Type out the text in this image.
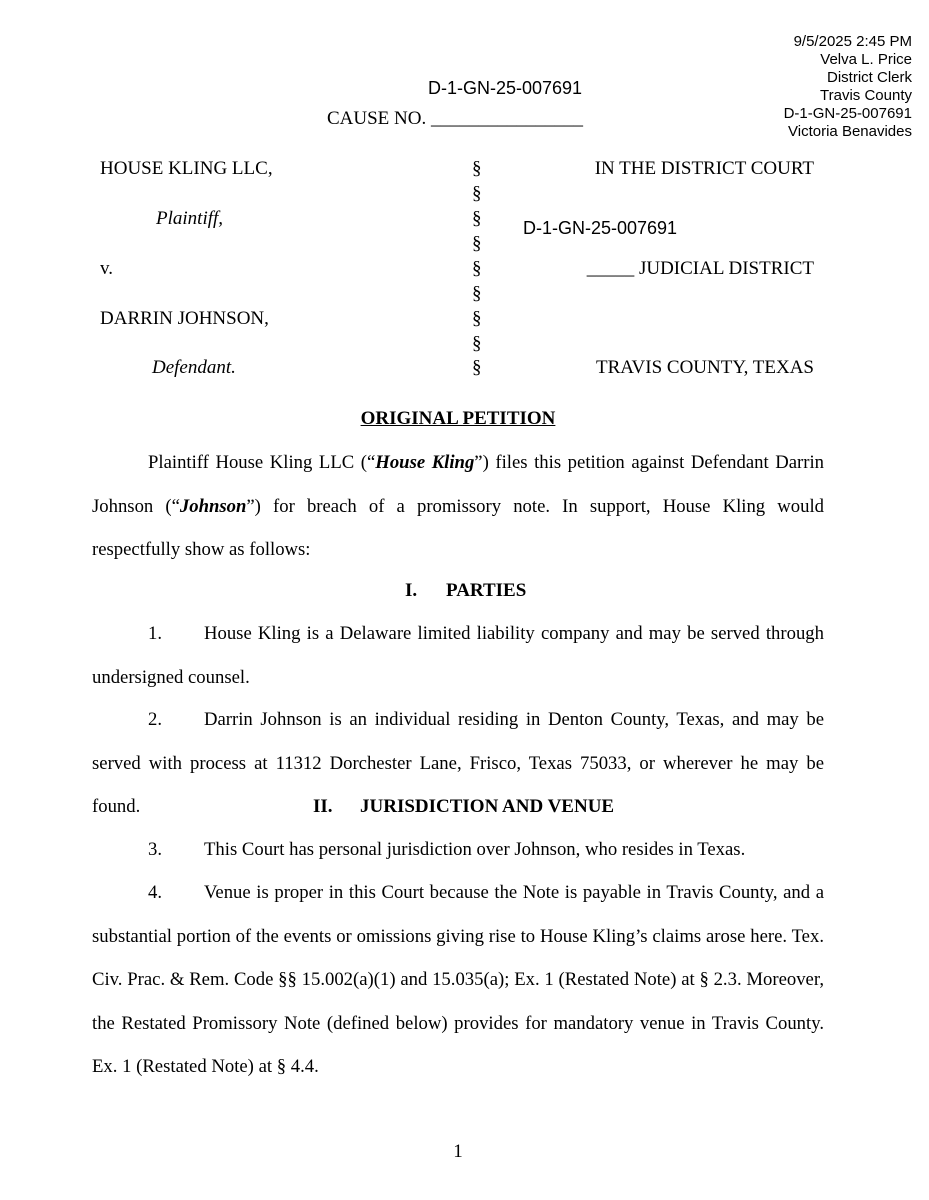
9/5/2025 2:45 PM
Velva L. Price
District Clerk
Travis County
D-1-GN-25-007691
Victoria Benavides
D-1-GN-25-007691
CAUSE NO. ________________
HOUSE KLING LLC,
Plaintiff,
v.
DARRIN JOHNSON,
Defendant.
§
§
§
§
§
§
§
§
§
IN THE DISTRICT COURT
D-1-GN-25-007691
_____ JUDICIAL DISTRICT
TRAVIS COUNTY, TEXAS
ORIGINAL PETITION
Plaintiff House Kling LLC (“House Kling”) files this petition against Defendant Darrin Johnson (“Johnson”) for breach of a promissory note. In support, House Kling would respectfully show as follows:
I. PARTIES
1. House Kling is a Delaware limited liability company and may be served through undersigned counsel.
2. Darrin Johnson is an individual residing in Denton County, Texas, and may be served with process at 11312 Dorchester Lane, Frisco, Texas 75033, or wherever he may be found.	II. JURISDICTION AND VENUE
3. This Court has personal jurisdiction over Johnson, who resides in Texas.
4. Venue is proper in this Court because the Note is payable in Travis County, and a substantial portion of the events or omissions giving rise to House Kling’s claims arose here. Tex. Civ. Prac. & Rem. Code §§ 15.002(a)(1) and 15.035(a); Ex. 1 (Restated Note) at § 2.3. Moreover, the Restated Promissory Note (defined below) provides for mandatory venue in Travis County. Ex. 1 (Restated Note) at § 4.4.
1
